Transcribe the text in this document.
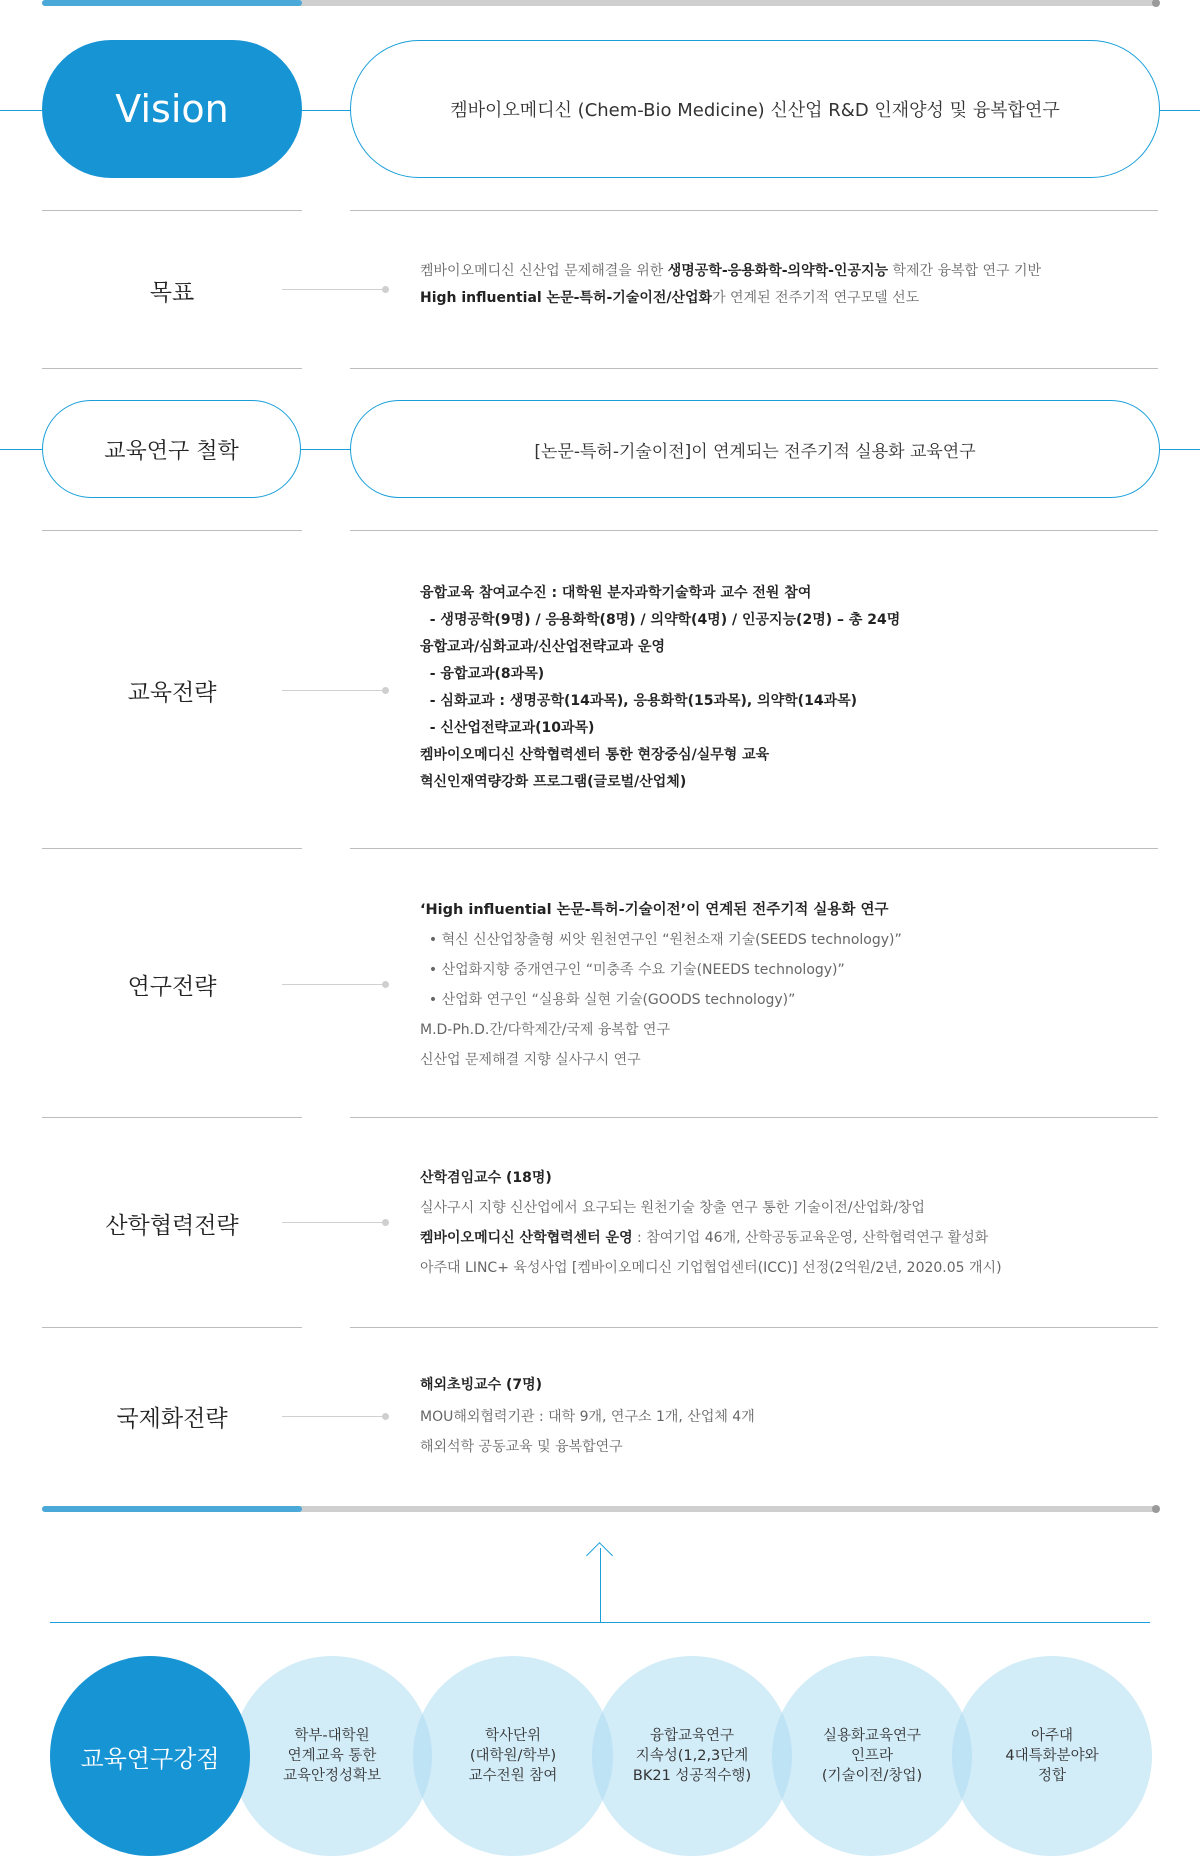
Vision	켐바이오메디신 (Chem-Bio Medicine) 신산업 R&D 인재양성 및 융복합연구
목표
켐바이오메디신 신산업 문제해결을 위한 생명공학-응용화학-의약학-인공지능 학제간 융복합 연구 기반
High influential 논문-특허-기술이전/산업화가 연계된 전주기적 연구모델 선도
교육연구 철학	[논문-특허-기술이전]이 연계되는 전주기적 실용화 교육연구
교육전략
융합교육 참여교수진 : 대학원 분자과학기술학과 교수 전원 참여
- 생명공학(9명) / 응용화학(8명) / 의약학(4명) / 인공지능(2명) – 총 24명
융합교과/심화교과/신산업전략교과 운영
- 융합교과(8과목)
- 심화교과 : 생명공학(14과목), 응용화학(15과목), 의약학(14과목)
- 신산업전략교과(10과목)
켐바이오메디신 산학협력센터 통한 현장중심/실무형 교육
혁신인재역량강화 프로그램(글로벌/산업체)
연구전략
‘High influential 논문-특허-기술이전’이 연계된 전주기적 실용화 연구
• 혁신 신산업창출형 씨앗 원천연구인 “원천소재 기술(SEEDS technology)”
• 산업화지향 중개연구인 “미충족 수요 기술(NEEDS technology)”
• 산업화 연구인 “실용화 실현 기술(GOODS technology)”
M.D-Ph.D.간/다학제간/국제 융복합 연구
신산업 문제해결 지향 실사구시 연구
산학협력전략
산학겸임교수 (18명)
실사구시 지향 신산업에서 요구되는 원천기술 창출 연구 통한 기술이전/산업화/창업
켐바이오메디신 산학협력센터 운영 : 참여기업 46개, 산학공동교육운영, 산학협력연구 활성화
아주대 LINC+ 육성사업 [켐바이오메디신 기업협업센터(ICC)] 선정(2억원/2년, 2020.05 개시)
국제화전략
해외초빙교수 (7명)
MOU해외협력기관 : 대학 9개, 연구소 1개, 산업체 4개
해외석학 공동교육 및 융복합연구
교육연구강점
학부-대학원
연계교육 통한
교육안정성확보
학사단위
(대학원/학부)
교수전원 참여
융합교육연구
지속성(1,2,3단계
BK21 성공적수행)
실용화교육연구
인프라
(기술이전/창업)
아주대
4대특화분야와
정합
